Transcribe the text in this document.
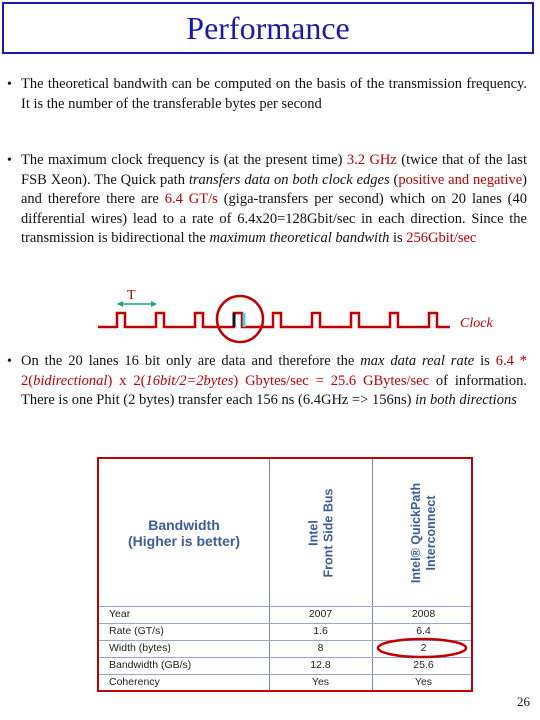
Performance
• The theoretical bandwith can be computed on the basis of the transmission frequency. It is the number of the transferable bytes per second
• The maximum clock frequency is (at the present time) 3.2 GHz (twice that of the last FSB Xeon). The Quick path transfers data on both clock edges (positive and negative) and therefore there are 6.4 GT/s (giga-transfers per second) which on 20 lanes (40 differential wires) lead to a rate of 6.4x20=128Gbit/sec in each direction. Since the transmission is bidirectional the maximum theoretical bandwith is 256Gbit/sec
T
Clock
• On the 20 lanes 16 bit only are data and therefore the max data real rate is 6.4 * 2(bidirectional) x 2(16bit/2=2bytes) Gbytes/sec = 25.6 GBytes/sec of information. There is one Phit (2 bytes) transfer each 156 ns (6.4GHz => 156ns) in both directions
Bandwidth
(Higher is better)	Intel Front Side Bus	Intel® QuickPath Interconnect
Year	2007	2008
Rate (GT/s)	1.6	6.4
Width (bytes)	8	2
Bandwidth (GB/s)	12.8	25.6
Coherency	Yes	Yes
26
